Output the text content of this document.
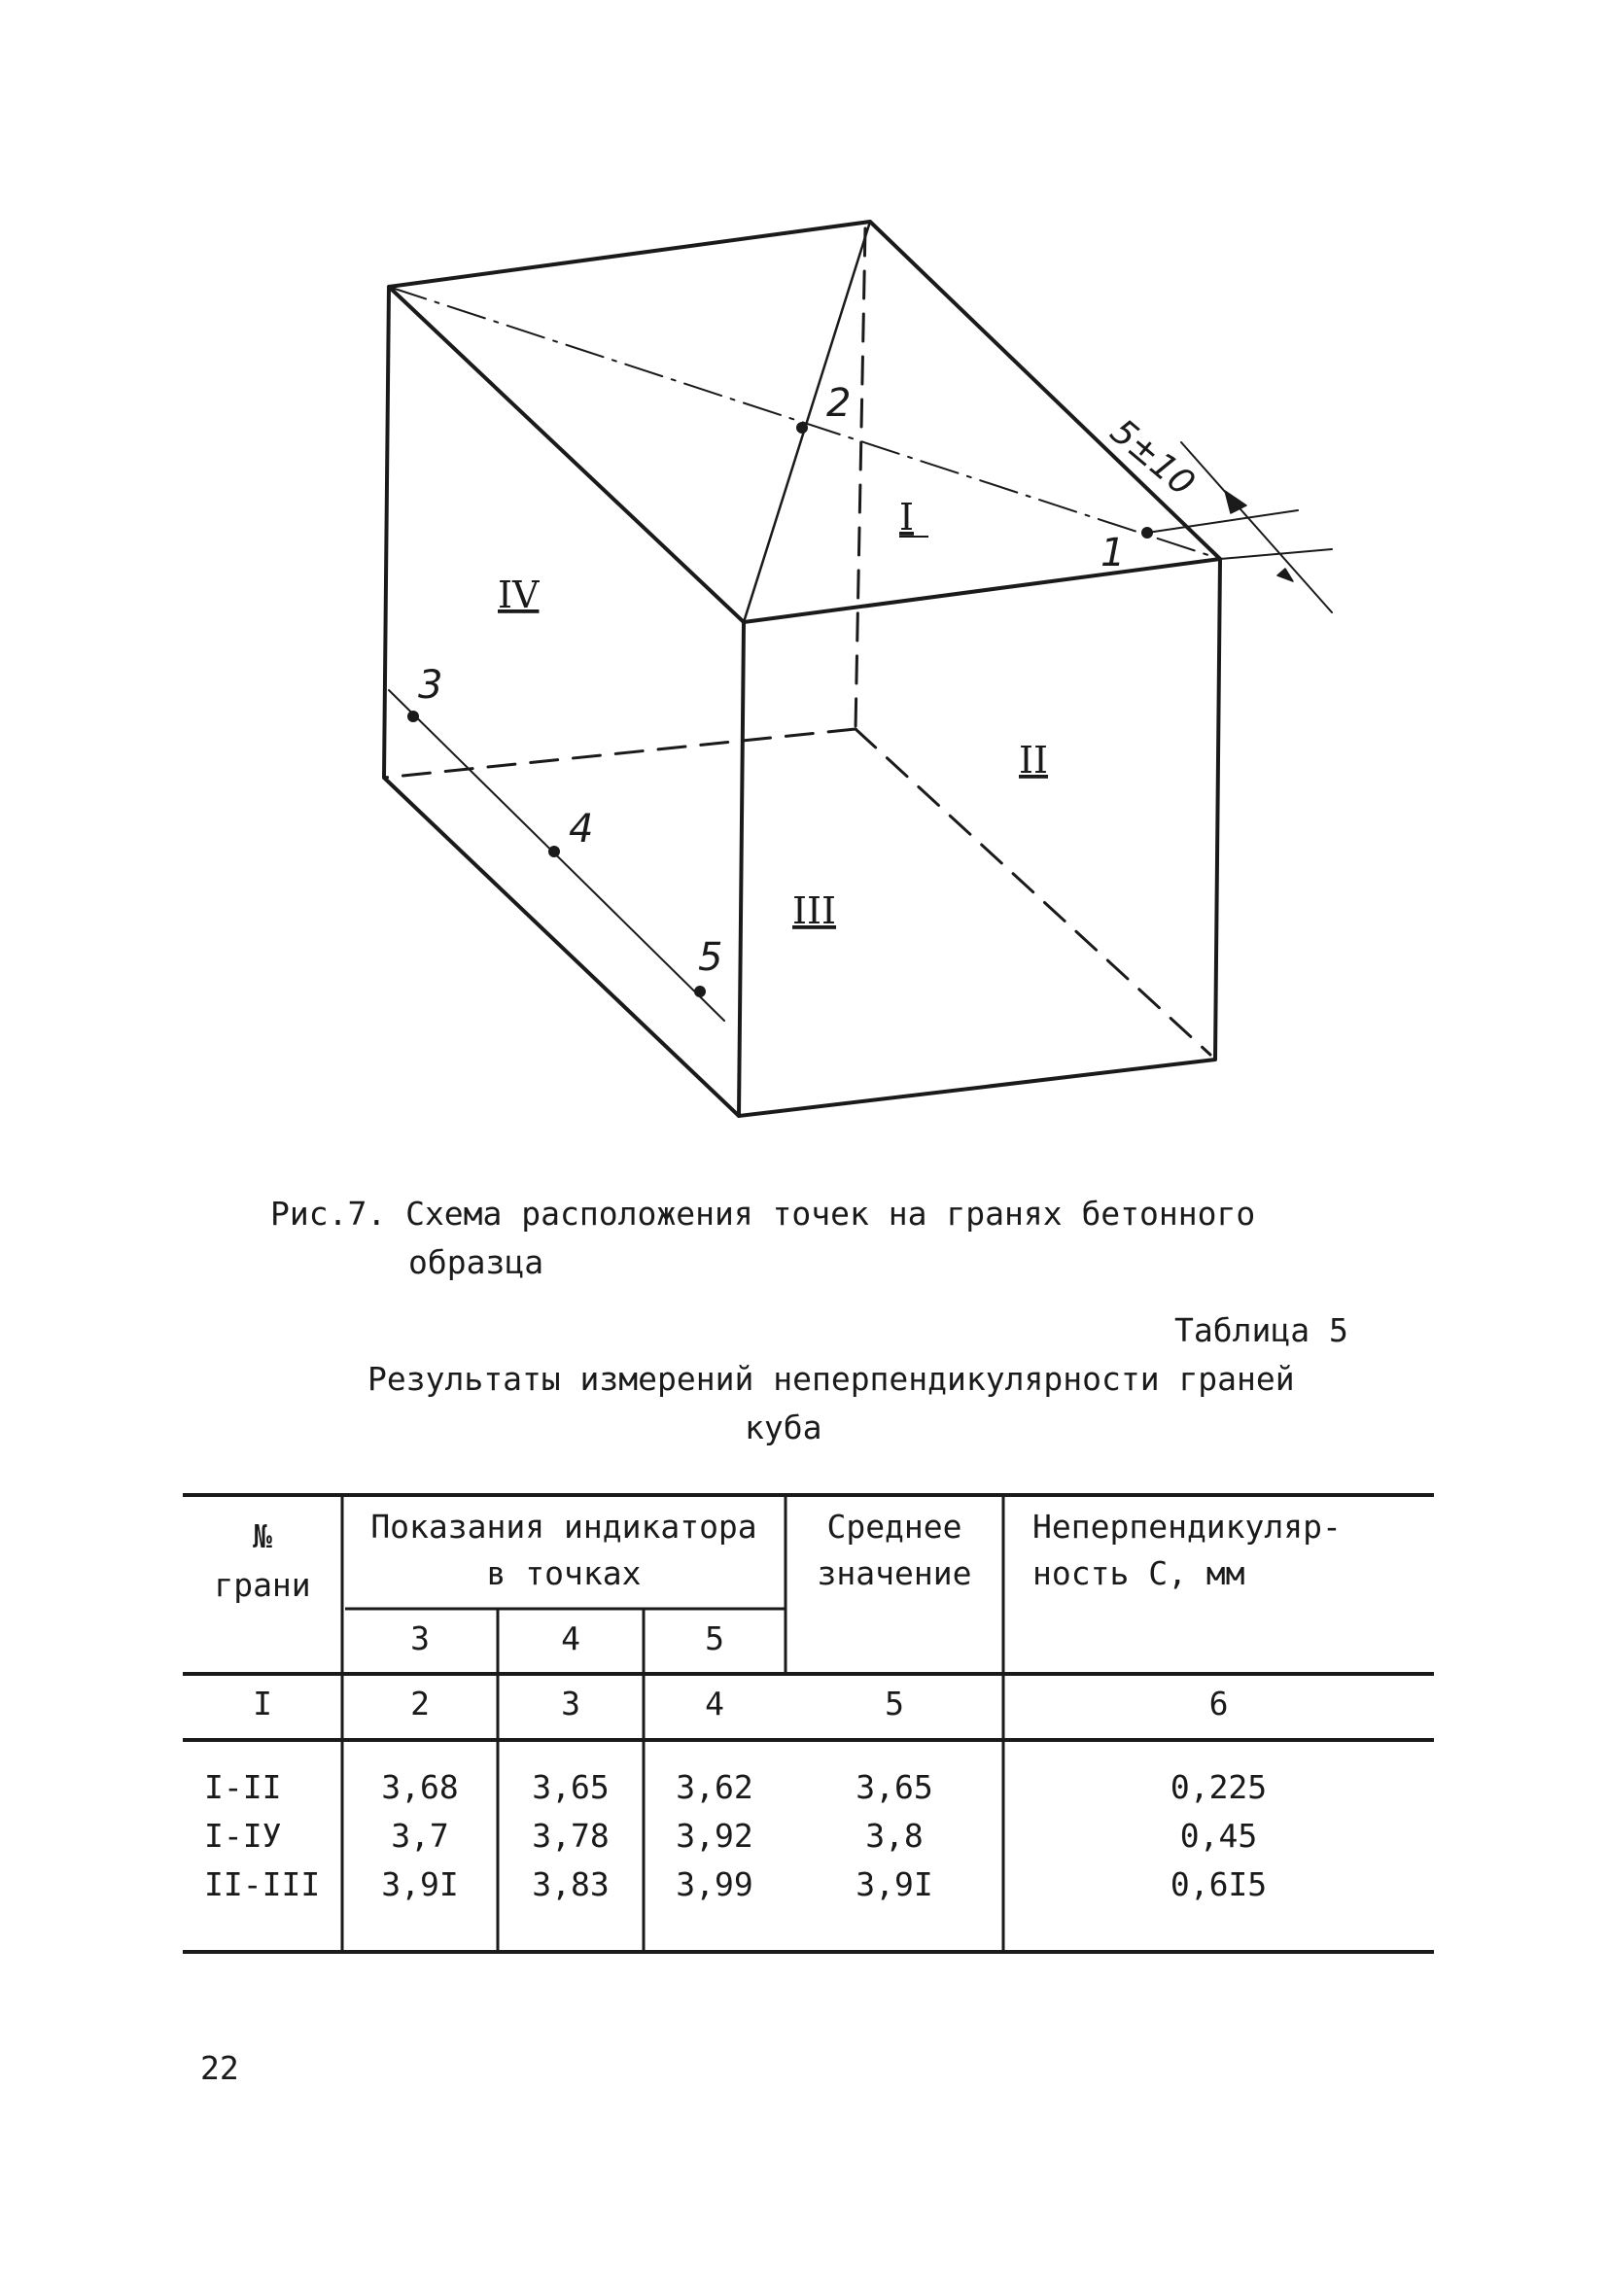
1
2
3
4
5
I
II
III
IV
5±10
Рис.7. Схема расположения точек на гранях бетонного
образца
Таблица 5
Результаты измерений неперпендикулярности граней
куба
№
грани
Показания индикатора
в точках
3	4	5
Среднее
значение
Неперпендикуляр-
ность С, мм
I	2	3	4	5	6
I-II	3,68	3,65	3,62	3,65	0,225
I-IУ	3,7	3,78	3,92	3,8	0,45
II-III	3,9I	3,83	3,99	3,9I	0,6I5
22
